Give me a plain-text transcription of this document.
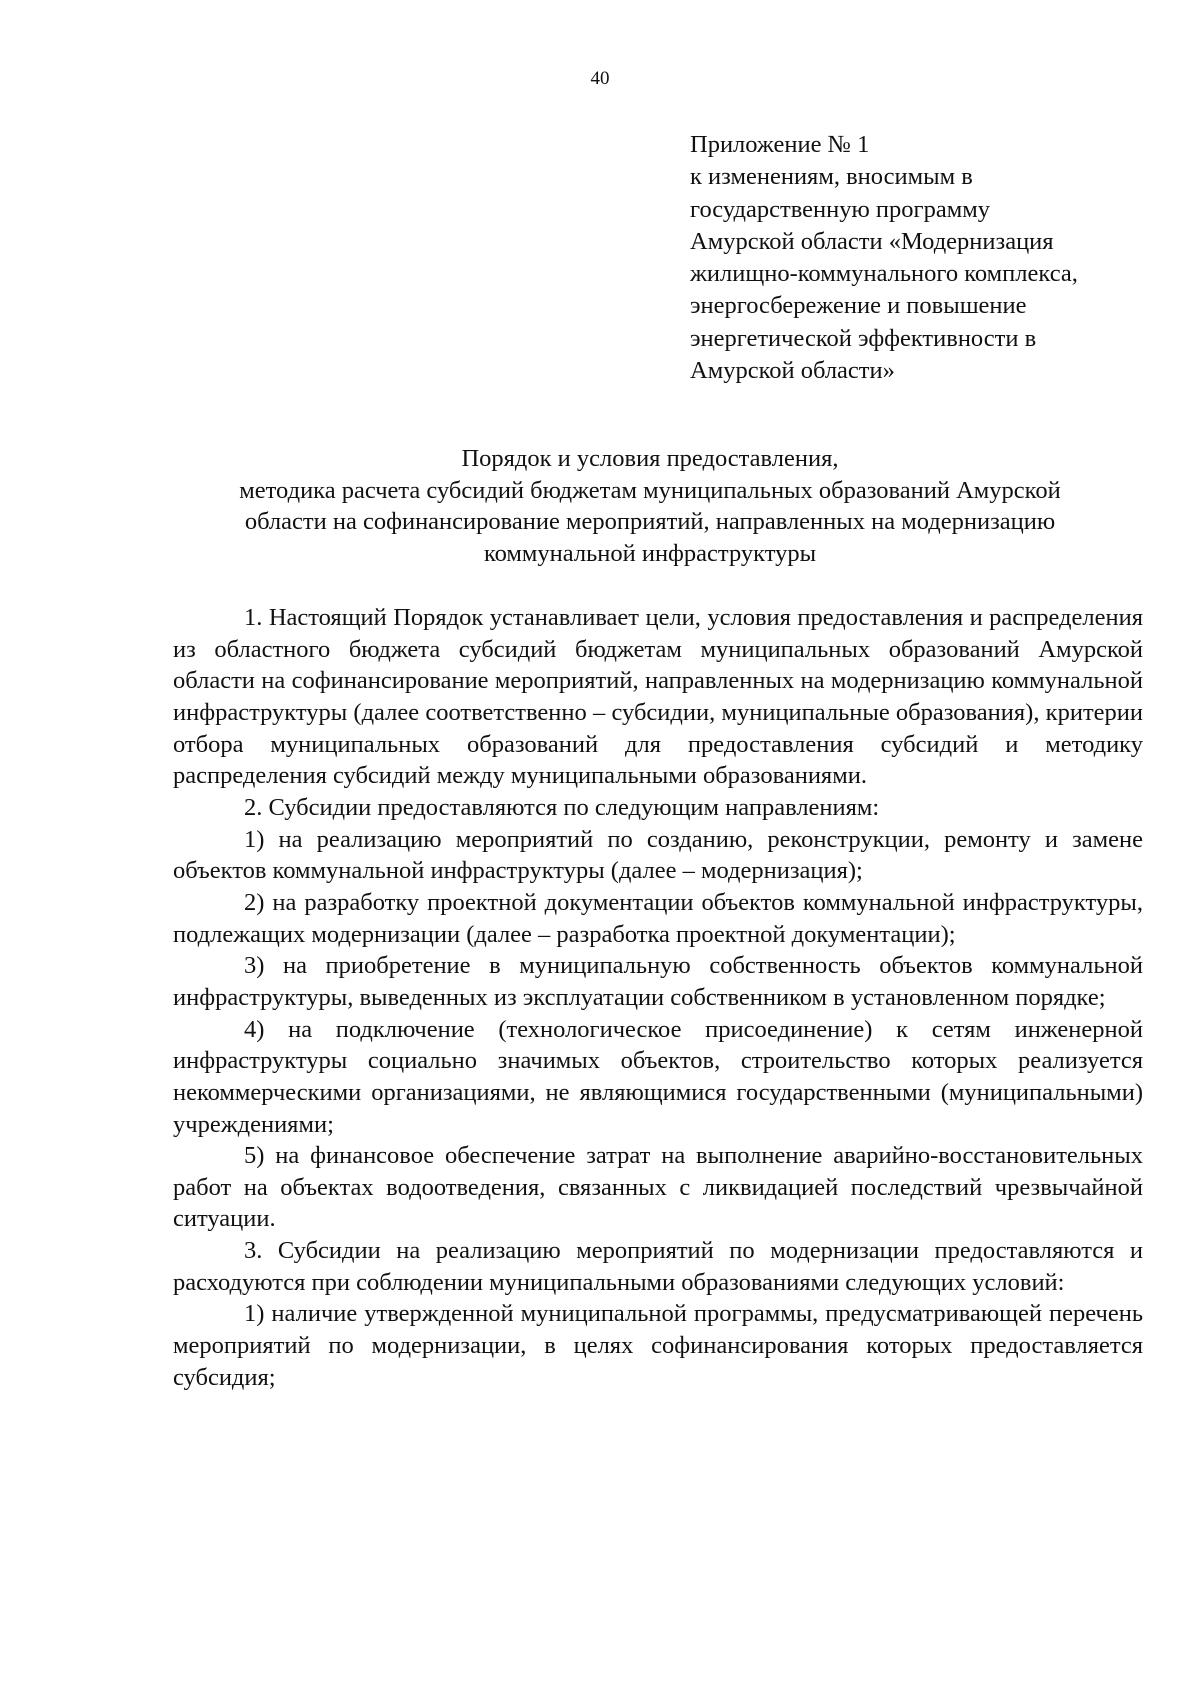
40
Приложение № 1
к изменениям, вносимым в
государственную программу
Амурской области «Модернизация
жилищно-коммунального комплекса,
энергосбережение и повышение
энергетической эффективности в
Амурской области»
Порядок и условия предоставления,
методика расчета субсидий бюджетам муниципальных образований Амурской
области на софинансирование мероприятий, направленных на модернизацию
коммунальной инфраструктуры

1. Настоящий Порядок устанавливает цели, условия предоставления и распределения из областного бюджета субсидий бюджетам муниципальных образований Амурской области на софинансирование мероприятий, направленных на модернизацию коммунальной инфраструктуры (далее соответственно – субсидии, муниципальные образования), критерии отбора муниципальных образований для предоставления субсидий и методику распределения субсидий между муниципальными образованиями.

2. Субсидии предоставляются по следующим направлениям:

1) на реализацию мероприятий по созданию, реконструкции, ремонту и замене объектов коммунальной инфраструктуры (далее – модернизация);

2) на разработку проектной документации объектов коммунальной инфраструктуры, подлежащих модернизации (далее – разработка проектной документации);

3) на приобретение в муниципальную собственность объектов коммунальной инфраструктуры, выведенных из эксплуатации собственником в установленном порядке;

4) на подключение (технологическое присоединение) к сетям инженерной инфраструктуры социально значимых объектов, строительство которых реализуется некоммерческими организациями, не являющимися государственными (муниципальными) учреждениями;

5) на финансовое обеспечение затрат на выполнение аварийно-восстановительных работ на объектах водоотведения, связанных с ликвидацией последствий чрезвычайной ситуации.

3. Субсидии на реализацию мероприятий по модернизации предоставляются и расходуются при соблюдении муниципальными образованиями следующих условий:

1) наличие утвержденной муниципальной программы, предусматривающей перечень мероприятий по модернизации, в целях софинансирования которых предоставляется субсидия;
